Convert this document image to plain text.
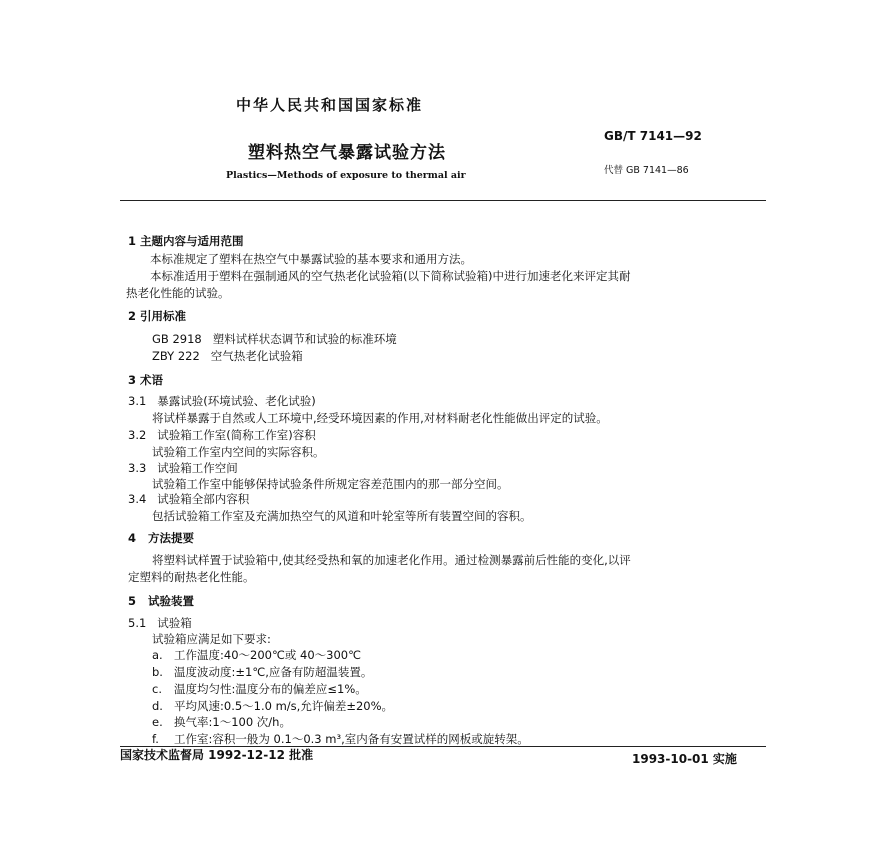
中华人民共和国国家标准
塑料热空气暴露试验方法
Plastics—Methods of exposure to thermal air
GB/T 7141—92
代替 GB 7141—86
1 主题内容与适用范围
本标准规定了塑料在热空气中暴露试验的基本要求和通用方法。
本标准适用于塑料在强制通风的空气热老化试验箱(以下简称试验箱)中进行加速老化来评定其耐
热老化性能的试验。
2 引用标准
GB 2918   塑料试样状态调节和试验的标准环境
ZBY 222   空气热老化试验箱
3 术语
3.1   暴露试验(环境试验、老化试验)
将试样暴露于自然或人工环境中,经受环境因素的作用,对材料耐老化性能做出评定的试验。
3.2   试验箱工作室(简称工作室)容积
试验箱工作室内空间的实际容积。
3.3   试验箱工作空间
试验箱工作室中能够保持试验条件所规定容差范围内的那一部分空间。
3.4   试验箱全部内容积
包括试验箱工作室及充满加热空气的风道和叶轮室等所有装置空间的容积。
4   方法提要
将塑料试样置于试验箱中,使其经受热和氧的加速老化作用。通过检测暴露前后性能的变化,以评
定塑料的耐热老化性能。
5   试验装置
5.1   试验箱
试验箱应满足如下要求:
a. 工作温度:40～200℃或 40～300℃
b. 温度波动度:±1℃,应备有防超温装置。
c. 温度均匀性:温度分布的偏差应≤1%。
d. 平均风速:0.5～1.0 m/s,允许偏差±20%。
e. 换气率:1～100 次/h。
f. 工作室:容积一般为 0.1～0.3 m³,室内备有安置试样的网板或旋转架。
国家技术监督局 1992-12-12 批准	1993-10-01 实施
